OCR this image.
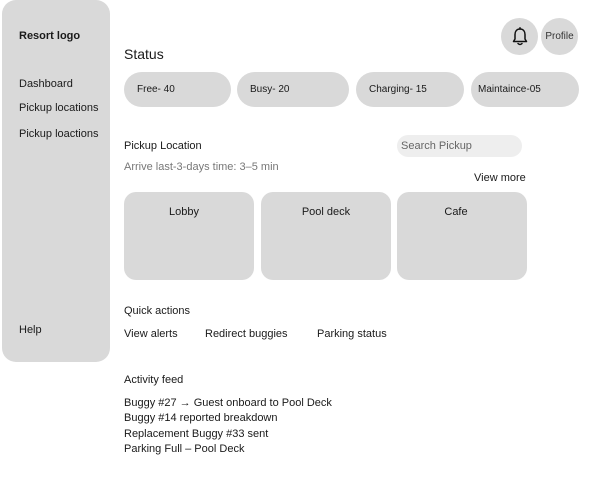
Resort logo
Dashboard
Pickup locations
Pickup loactions
Help
Profile
Status
Free- 40	Busy- 20	Charging- 15	Maintaince-05
Pickup Location
Search Pickup
Arrive last-3-days time: 3–5 min
View more
Lobby	Pool deck	Cafe
Quick actions
View alerts Redirect buggies	Parking status
Activity feed
Buggy #27 → Guest onboard to Pool Deck
Buggy #14 reported breakdown
Replacement Buggy #33 sent
Parking Full – Pool Deck
